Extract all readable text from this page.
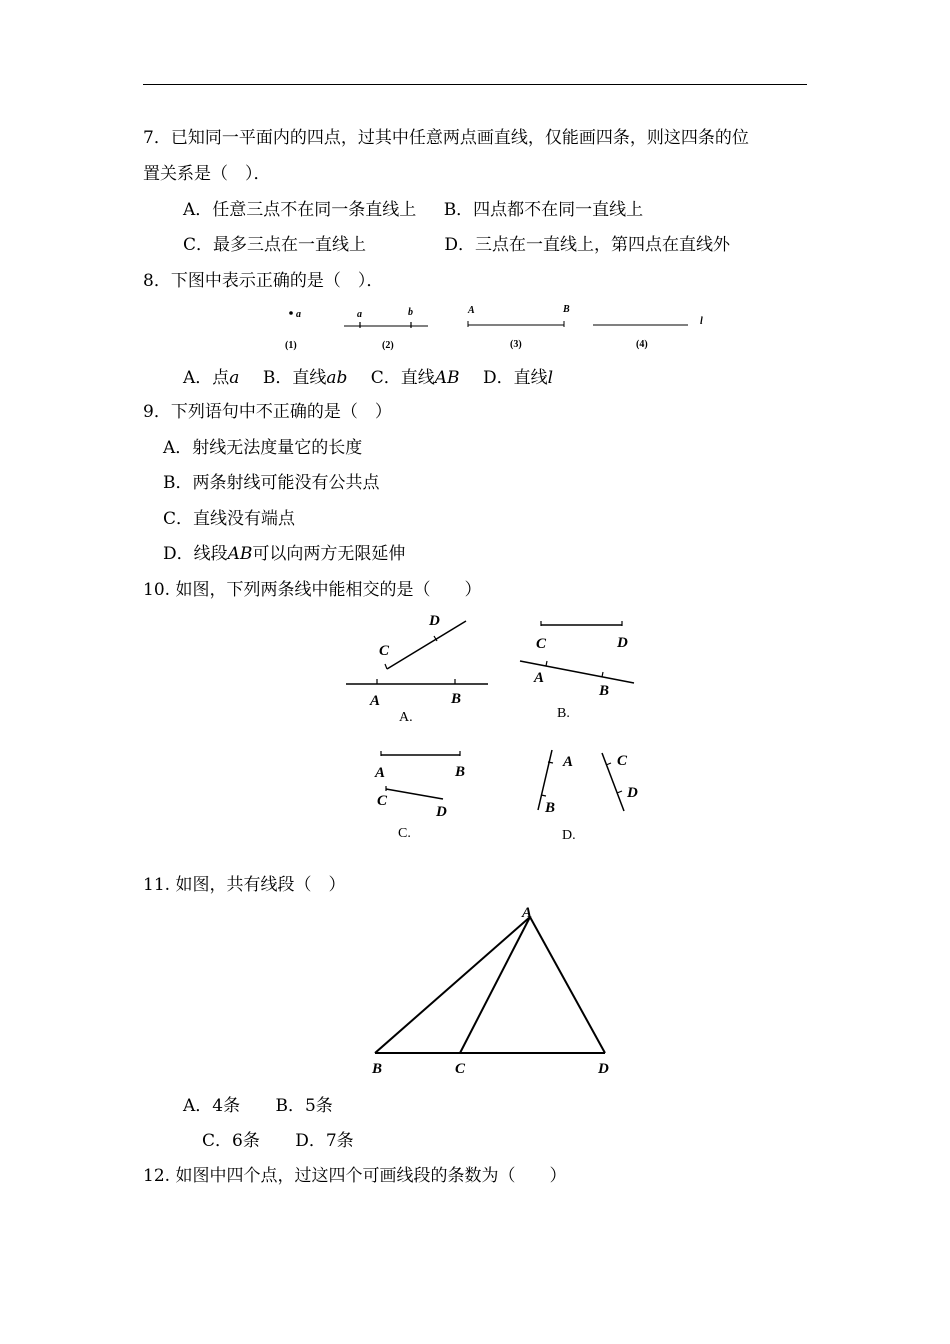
7．已知同一平面内的四点，过其中任意两点画直线，仅能画四条，则这四条的位
置关系是（　）．
A．任意三点不在同一条直线上 B．四点都不在同一直线上
C．最多三点在一直线上	D．三点在一直线上，第四点在直线外
8．下图中表示正确的是（　）．
a	a	b	A	B
l
(1)	(2)	(3)	(4)
A．点a B．直线ab C．直线AB D．直线l
9．下列语句中不正确的是（　）
A．射线无法度量它的长度
B．两条射线可能没有公共点
C．直线没有端点
D．线段AB可以向两方无限延伸
10. 如图，下列两条线中能相交的是（　　）
A	B
C
D
A.
C	D
A
B
B.
A	B
C
D
C.
A
B
C
D
D.
11. 如图，共有线段（　）
A
B	C	D
A．4条 B．5条
C．6条 D．7条
12. 如图中四个点，过这四个可画线段的条数为（　　）
